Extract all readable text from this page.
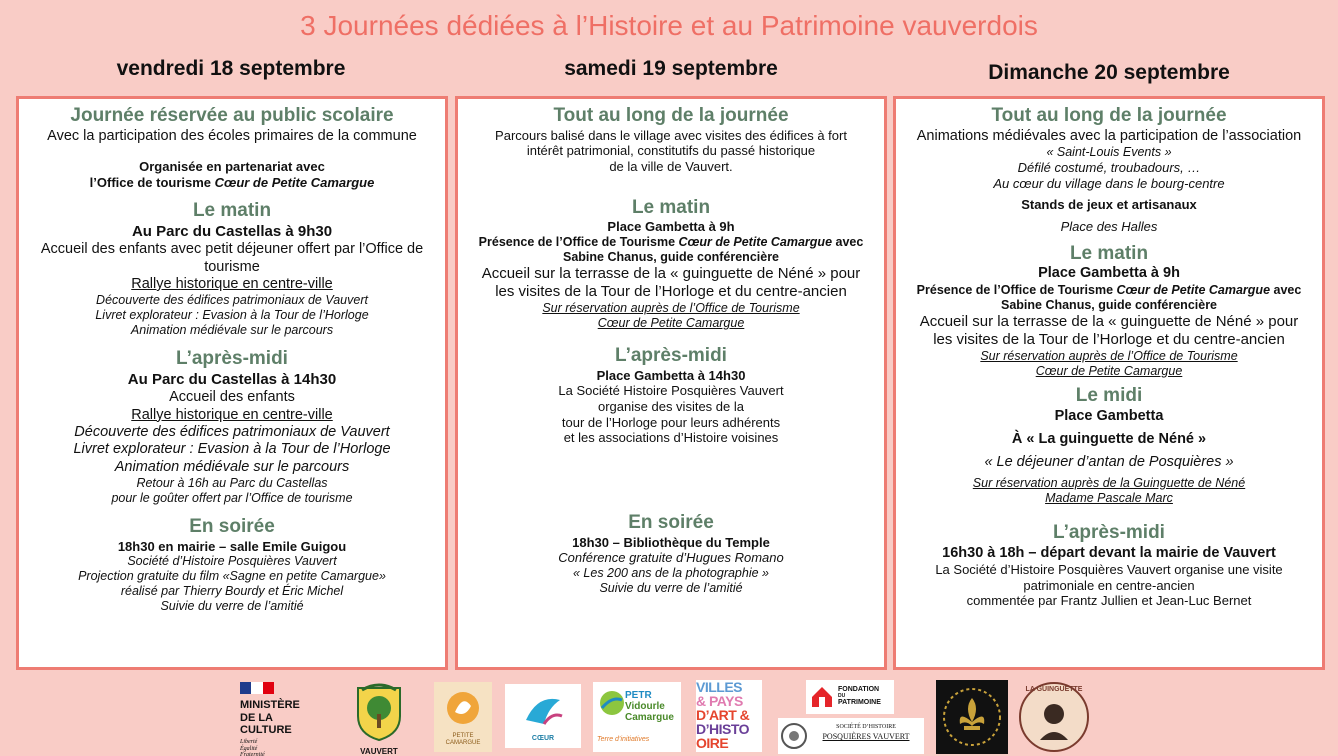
3 Journées dédiées à l’Histoire et au Patrimoine vauverdois
vendredi 18 septembre	samedi 19 septembre	Dimanche 20 septembre

Journée réservée au public scolaire

Avec la participation des écoles primaires de la commune

Organisée en partenariat avec

l’Office de tourisme Cœur de Petite Camargue

Le matin

Au Parc du Castellas à 9h30

Accueil des enfants avec petit déjeuner offert par l’Office de tourisme

Rallye historique en centre-ville

Découverte des édifices patrimoniaux de Vauvert

Livret explorateur : Evasion à la Tour de l’Horloge

Animation médiévale sur le parcours

L’après-midi

Au Parc du Castellas à 14h30

Accueil des enfants

Rallye historique en centre-ville

Découverte des édifices patrimoniaux de Vauvert

Livret explorateur : Evasion à la Tour de l’Horloge

Animation médiévale sur le parcours

Retour à 16h au Parc du Castellas

pour le goûter offert par l’Office de tourisme

En soirée

18h30 en mairie – salle Emile Guigou

Société d’Histoire Posquières Vauvert

Projection gratuite du film «Sagne en petite Camargue»

réalisé par Thierry Bourdy et Éric Michel

Suivie du verre de l’amitié

Tout au long de la journée

Parcours balisé dans le village avec visites des édifices à fort

intérêt patrimonial, constitutifs du passé historique

de la ville de Vauvert.

Le matin

Place Gambetta à 9h

Présence de l’Office de Tourisme Cœur de Petite Camargue avec

Sabine Chanus, guide conférencière

Accueil sur la terrasse de la « guinguette de Néné » pour

les visites de la Tour de l’Horloge et du centre-ancien

Sur réservation auprès de l’Office de Tourisme

Cœur de Petite Camargue

L’après-midi

Place Gambetta à 14h30

La Société Histoire Posquières Vauvert

organise des visites de la

tour de l’Horloge pour leurs adhérents

et les associations d’Histoire voisines

En soirée

18h30 – Bibliothèque du Temple

Conférence gratuite d’Hugues Romano

« Les 200 ans de la photographie »

Suivie du verre de l’amitié

Tout au long de la journée

Animations médiévales avec la participation de l’association

« Saint-Louis Events »

Défilé costumé, troubadours, …

Au cœur du village dans le bourg-centre

Stands de jeux et artisanaux

Place des Halles

Le matin

Place Gambetta à 9h

Présence de l’Office de Tourisme Cœur de Petite Camargue avec

Sabine Chanus, guide conférencière

Accueil sur la terrasse de la « guinguette de Néné » pour

les visites de la Tour de l’Horloge et du centre-ancien

Sur réservation auprès de l’Office de Tourisme

Cœur de Petite Camargue

Le midi

Place Gambetta

À « La guinguette de Néné »

« Le déjeuner d’antan de Posquières »

Sur réservation auprès de la Guinguette de Néné

Madame Pascale Marc

L’après-midi

16h30 à 18h – départ devant la mairie de Vauvert

La Société d’Histoire Posquières Vauvert organise une visite

patrimoniale en centre-ancien

commentée par Frantz Jullien et Jean-Luc Bernet

MINISTÈRE
DE LA CULTURE
Liberté
Égalité
Fraternité	VAUVERT
PETITE
CAMARGUE
CŒUR
PETR
Vidourle
Camargue
Terre d’initiatives
VILLES
& PAYS
D’ART &
D’HISTO
OIRE
FONDATION
DU
PATRIMOINE
SOCIÉTÉ D’HISTOIRE
POSQUIÈRES VAUVERT
LA GUINGUETTE
